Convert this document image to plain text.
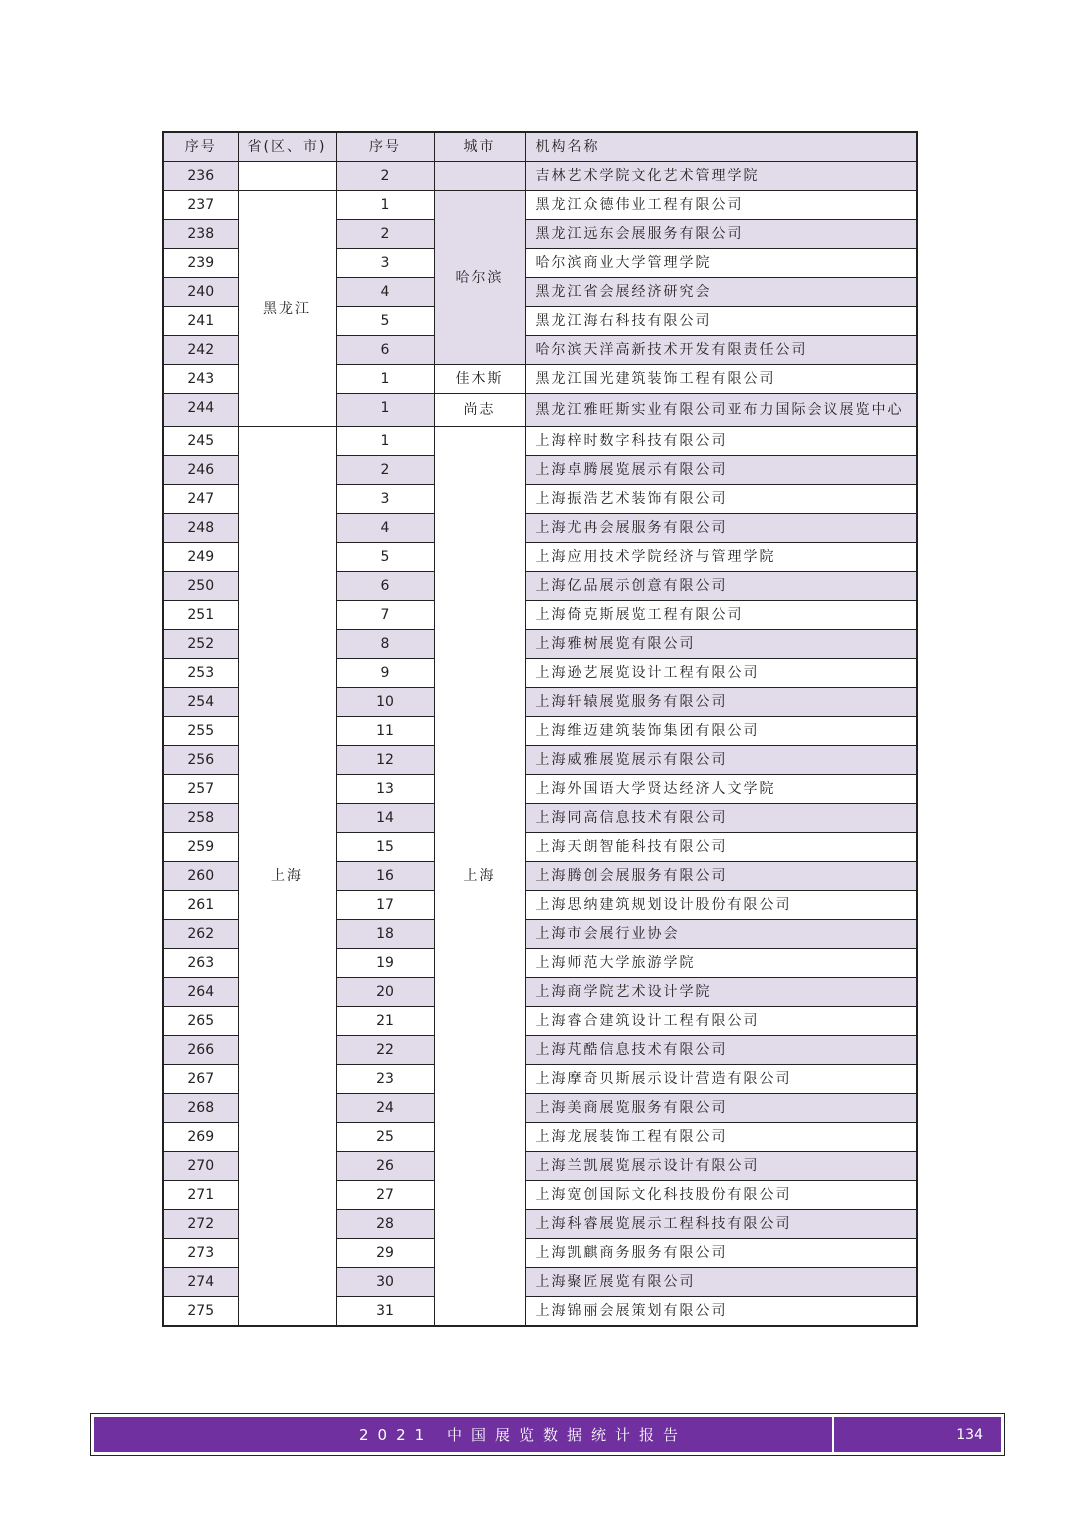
序号	省(区、市)	序号	城市	机构名称
236		2		吉林艺术学院文化艺术管理学院
237	黑龙江	1	哈尔滨	黑龙江众德伟业工程有限公司
238		2		黑龙江远东会展服务有限公司
239		3		哈尔滨商业大学管理学院
240		4		黑龙江省会展经济研究会
241		5		黑龙江海右科技有限公司
242		6		哈尔滨天洋高新技术开发有限责任公司
243		1	佳木斯	黑龙江国光建筑装饰工程有限公司
244		1	尚志	黑龙江雅旺斯实业有限公司亚布力国际会议展览中心
245	上海	1	上海	上海梓时数字科技有限公司
246		2		上海卓腾展览展示有限公司
247		3		上海振浩艺术装饰有限公司
248		4		上海尤冉会展服务有限公司
249		5		上海应用技术学院经济与管理学院
250		6		上海亿品展示创意有限公司
251		7		上海倚克斯展览工程有限公司
252		8		上海雅树展览有限公司
253		9		上海逊艺展览设计工程有限公司
254		10		上海轩辕展览服务有限公司
255		11		上海维迈建筑装饰集团有限公司
256		12		上海威雅展览展示有限公司
257		13		上海外国语大学贤达经济人文学院
258		14		上海同高信息技术有限公司
259		15		上海天朗智能科技有限公司
260		16		上海腾创会展服务有限公司
261		17		上海思纳建筑规划设计股份有限公司
262		18		上海市会展行业协会
263		19		上海师范大学旅游学院
264		20		上海商学院艺术设计学院
265		21		上海睿合建筑设计工程有限公司
266		22		上海芃酷信息技术有限公司
267		23		上海摩奇贝斯展示设计营造有限公司
268		24		上海美商展览服务有限公司
269		25		上海龙展装饰工程有限公司
270		26		上海兰凯展览展示设计有限公司
271		27		上海宽创国际文化科技股份有限公司
272		28		上海科睿展览展示工程科技有限公司
273		29		上海凯麒商务服务有限公司
274		30		上海聚匠展览有限公司
275		31		上海锦丽会展策划有限公司
2021 中国展览数据统计报告	134
